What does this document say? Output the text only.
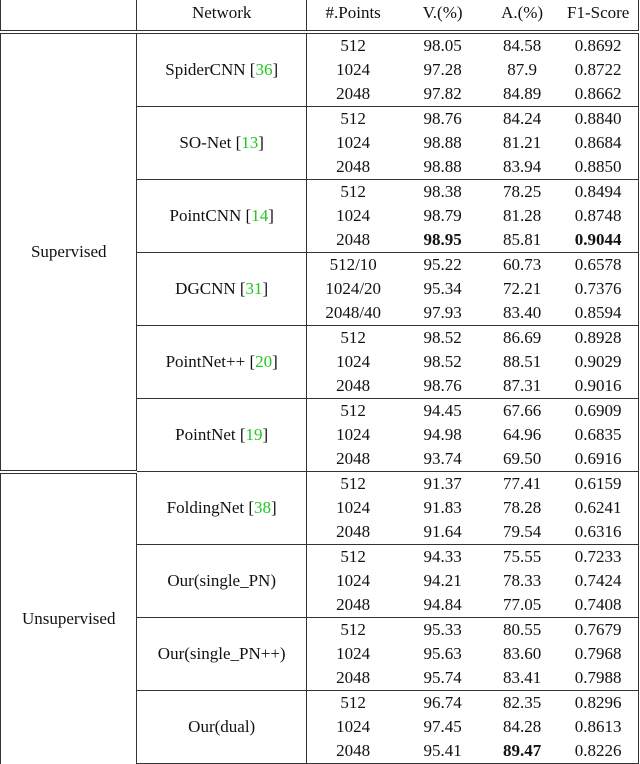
	Network	#.Points	V.(%)	A.(%)	F1-Score
Supervised	SpiderCNN [36]	512	98.05	84.58	0.8692
		1024	97.28	87.9	0.8722
		2048	97.82	84.89	0.8662
	SO-Net [13]	512	98.76	84.24	0.8840
		1024	98.88	81.21	0.8684
		2048	98.88	83.94	0.8850
	PointCNN [14]	512	98.38	78.25	0.8494
		1024	98.79	81.28	0.8748
		2048	98.95	85.81	0.9044
	DGCNN [31]	512/10	95.22	60.73	0.6578
		1024/20	95.34	72.21	0.7376
		2048/40	97.93	83.40	0.8594
	PointNet++ [20]	512	98.52	86.69	0.8928
		1024	98.52	88.51	0.9029
		2048	98.76	87.31	0.9016
	PointNet [19]	512	94.45	67.66	0.6909
		1024	94.98	64.96	0.6835
		2048	93.74	69.50	0.6916
Unsupervised	FoldingNet [38]	512	91.37	77.41	0.6159
		1024	91.83	78.28	0.6241
		2048	91.64	79.54	0.6316
	Our(single_PN)	512	94.33	75.55	0.7233
		1024	94.21	78.33	0.7424
		2048	94.84	77.05	0.7408
	Our(single_PN++)	512	95.33	80.55	0.7679
		1024	95.63	83.60	0.7968
		2048	95.74	83.41	0.7988
	Our(dual)	512	96.74	82.35	0.8296
		1024	97.45	84.28	0.8613
		2048	95.41	89.47	0.8226
